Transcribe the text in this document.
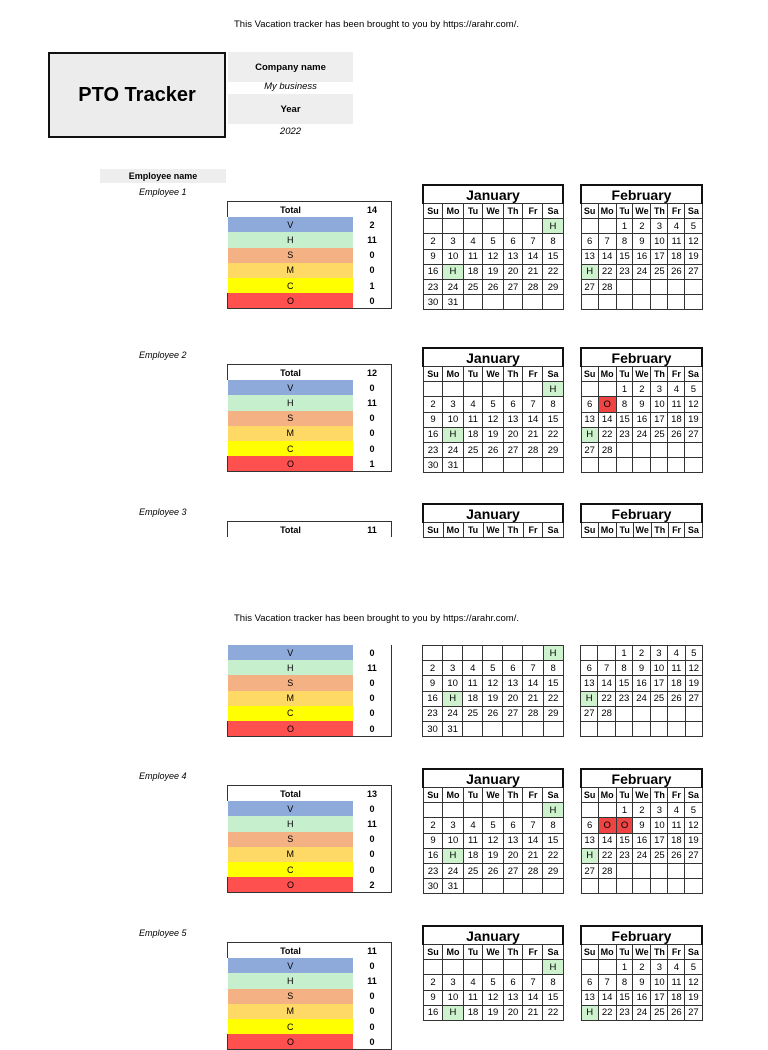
This Vacation tracker has been brought to you by https://arahr.com/.
PTO Tracker
Company name
My business
Year
2022
Employee name
Employee 1
Total	14
V	2
H	11
S	0
M	0
C	1
O	0
January						
Su	Mo	Tu	We	Th	Fr	Sa
						H
2	3	4	5	6	7	8
9	10	11	12	13	14	15
16	H	18	19	20	21	22
23	24	25	26	27	28	29
30	31					
February						
Su	Mo	Tu	We	Th	Fr	Sa
		1	2	3	4	5
6	7	8	9	10	11	12
13	14	15	16	17	18	19
H	22	23	24	25	26	27
27	28					

Employee 2
Total	12
V	0
H	11
S	0
M	0
C	0
O	1
January						
Su	Mo	Tu	We	Th	Fr	Sa
						H
2	3	4	5	6	7	8
9	10	11	12	13	14	15
16	H	18	19	20	21	22
23	24	25	26	27	28	29
30	31					
February						
Su	Mo	Tu	We	Th	Fr	Sa
		1	2	3	4	5
6	O	8	9	10	11	12
13	14	15	16	17	18	19
H	22	23	24	25	26	27
27	28					

Employee 3
Total	11
January
Su	Mo	Tu	We	Th	Fr	Sa
February
Su	Mo	Tu	We	Th	Fr	Sa
This Vacation tracker has been brought to you by https://arahr.com/.
V	0
H	11
S	0
M	0
C	0
O	0
						H
2	3	4	5	6	7	8
9	10	11	12	13	14	15
16	H	18	19	20	21	22
23	24	25	26	27	28	29
30	31					
		1	2	3	4	5
6	7	8	9	10	11	12
13	14	15	16	17	18	19
H	22	23	24	25	26	27
27	28					

Employee 4
Total	13
V	0
H	11
S	0
M	0
C	0
O	2
January						
Su	Mo	Tu	We	Th	Fr	Sa
						H
2	3	4	5	6	7	8
9	10	11	12	13	14	15
16	H	18	19	20	21	22
23	24	25	26	27	28	29
30	31					
February						
Su	Mo	Tu	We	Th	Fr	Sa
		1	2	3	4	5
6	O	O	9	10	11	12
13	14	15	16	17	18	19
H	22	23	24	25	26	27
27	28					

Employee 5
Total	11
V	0
H	11
S	0
M	0
C	0
O	0
January						
Su	Mo	Tu	We	Th	Fr	Sa
						H
2	3	4	5	6	7	8
9	10	11	12	13	14	15
16	H	18	19	20	21	22
February						
Su	Mo	Tu	We	Th	Fr	Sa
		1	2	3	4	5
6	7	8	9	10	11	12
13	14	15	16	17	18	19
H	22	23	24	25	26	27
